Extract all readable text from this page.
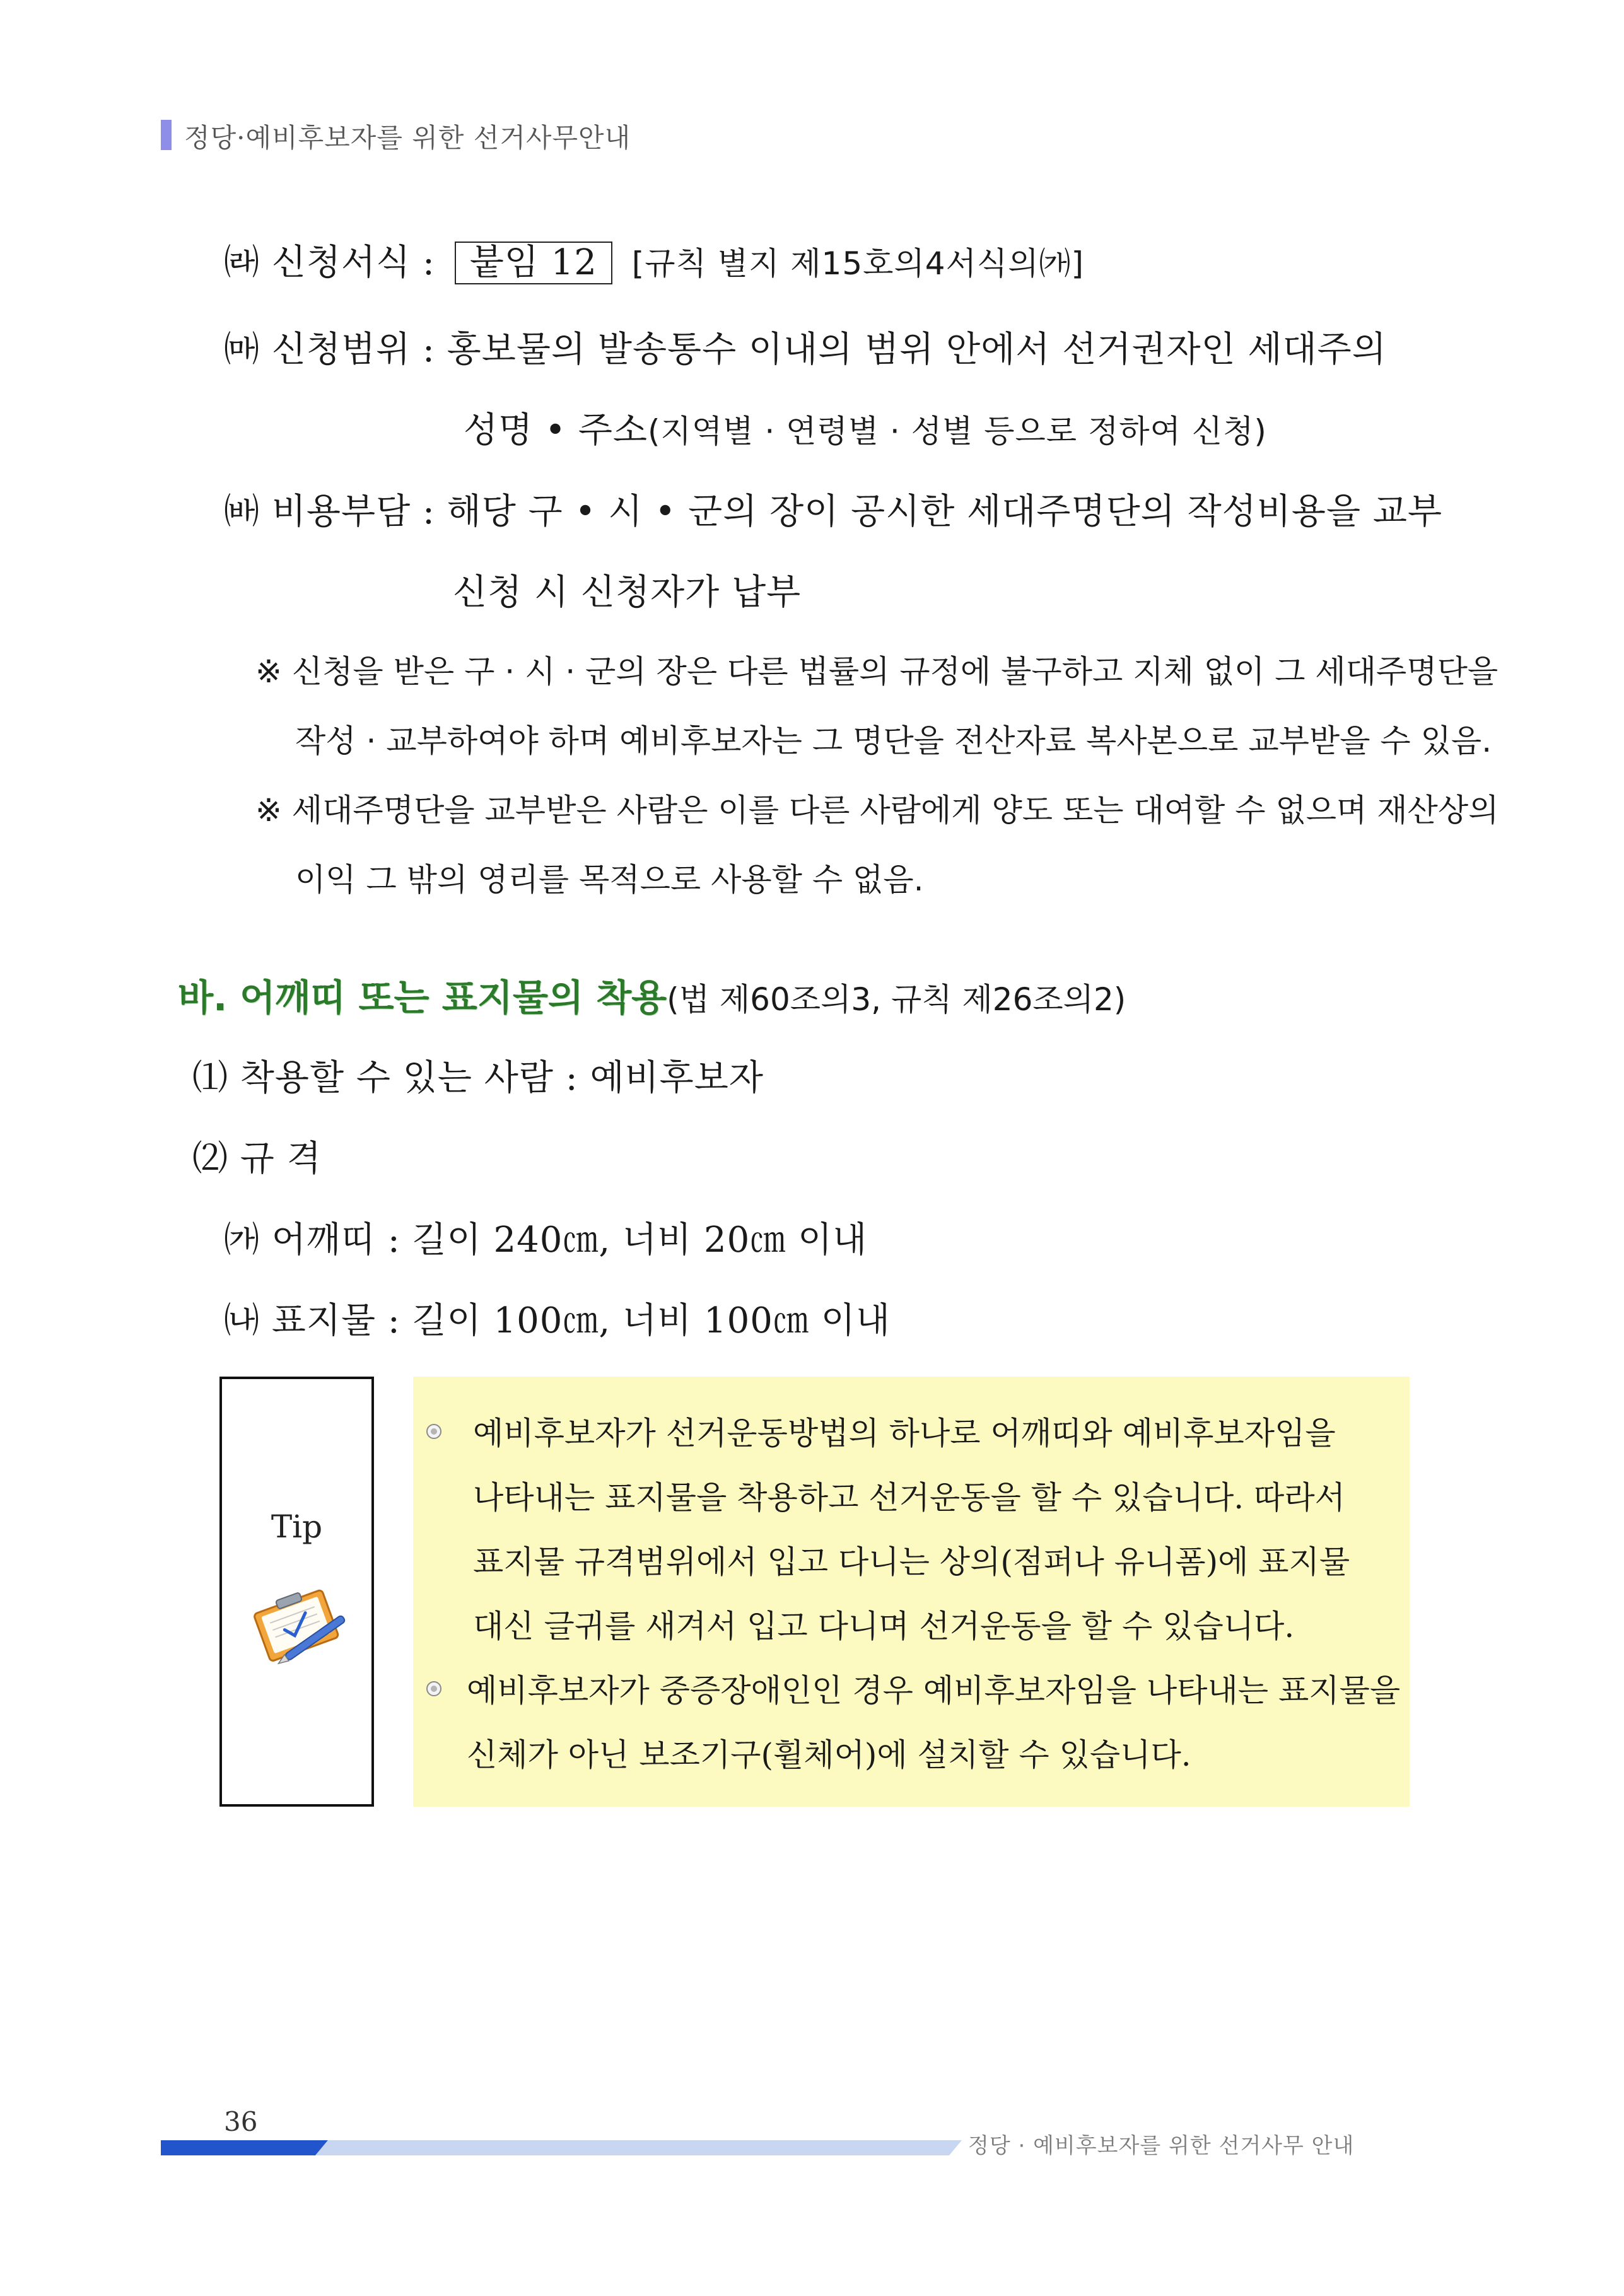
정당·예비후보자를 위한 선거사무안내
㈑ 신청서식 : 붙임 12 [규칙 별지 제15호의4서식의㈎]
㈒ 신청범위 : 홍보물의 발송통수 이내의 범위 안에서 선거권자인 세대주의
성명 • 주소(지역별 · 연령별 · 성별 등으로 정하여 신청)
㈓ 비용부담 : 해당 구 • 시 • 군의 장이 공시한 세대주명단의 작성비용을 교부
신청 시 신청자가 납부
※ 신청을 받은 구 · 시 · 군의 장은 다른 법률의 규정에 불구하고 지체 없이 그 세대주명단을
작성 · 교부하여야 하며 예비후보자는 그 명단을 전산자료 복사본으로 교부받을 수 있음.
※ 세대주명단을 교부받은 사람은 이를 다른 사람에게 양도 또는 대여할 수 없으며 재산상의
이익 그 밖의 영리를 목적으로 사용할 수 없음.
바. 어깨띠 또는 표지물의 착용(법 제60조의3, 규칙 제26조의2)
⑴ 착용할 수 있는 사람 : 예비후보자
⑵ 규 격
㈎ 어깨띠 : 길이 240㎝, 너비 20㎝ 이내
㈏ 표지물 : 길이 100㎝, 너비 100㎝ 이내
Tip
예비후보자가 선거운동방법의 하나로 어깨띠와 예비후보자임을
나타내는 표지물을 착용하고 선거운동을 할 수 있습니다. 따라서
표지물 규격범위에서 입고 다니는 상의(점퍼나 유니폼)에 표지물
대신 글귀를 새겨서 입고 다니며 선거운동을 할 수 있습니다.
예비후보자가 중증장애인인 경우 예비후보자임을 나타내는 표지물을
신체가 아닌 보조기구(휠체어)에 설치할 수 있습니다.
36
정당 · 예비후보자를 위한 선거사무 안내
